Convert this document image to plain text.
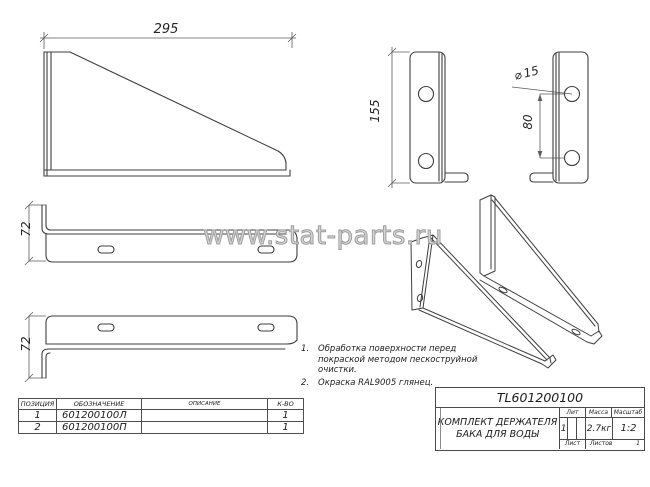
295
155
⌀ 15
80
72
72
www.stat-parts.ru
1.	Обработка поверхности перед покраской методом пескоструйной очистки.
2.	Окраска RAL9005 глянец.
ПОЗИЦИЯ	ОБОЗНАЧЕНИЕ	ОПИСАНИЕ	К-ВО
1	601200100Л		1
2	601200100П		1
TL601200100
КОМПЛЕКТ ДЕРЖАТЕЛЯ
БАКА ДЛЯ ВОДЫ
Лит	Масса Масштаб
1 2.7кг 1:2
Лист	Листов	1
